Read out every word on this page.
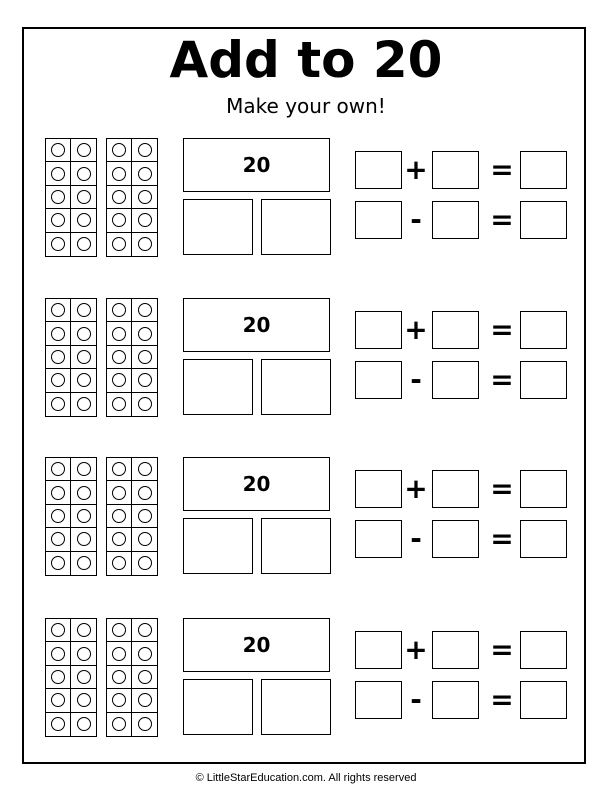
Add to 20
Make your own!
20	+ =
- =
20	+ =
- =
20	+ =
- =
20	+ =
- =
© LittleStarEducation.com. All rights reserved
